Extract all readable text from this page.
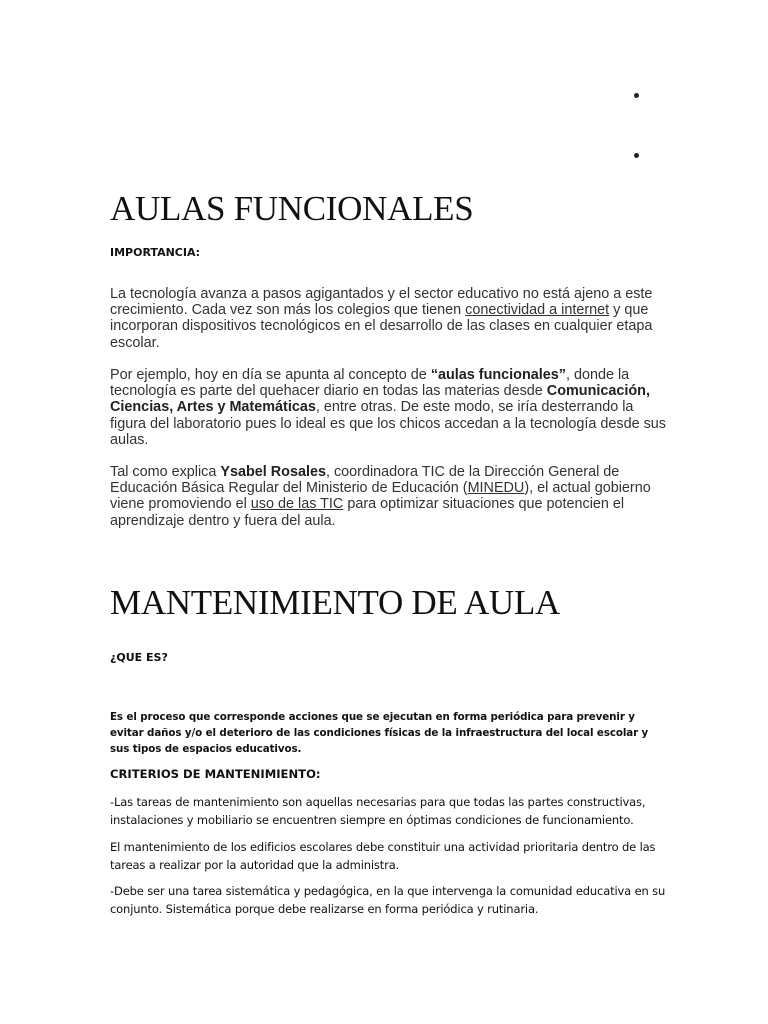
AULAS FUNCIONALES
IMPORTANCIA:

La tecnología avanza a pasos agigantados y el sector educativo no está ajeno a este crecimiento. Cada vez son más los colegios que tienen conectividad a internet y que incorporan dispositivos tecnológicos en el desarrollo de las clases en cualquier etapa escolar.

Por ejemplo, hoy en día se apunta al concepto de “aulas funcionales”, donde la tecnología es parte del quehacer diario en todas las materias desde Comunicación, Ciencias, Artes y Matemáticas, entre otras. De este modo, se iría desterrando la figura del laboratorio pues lo ideal es que los chicos accedan a la tecnología desde sus aulas.

Tal como explica Ysabel Rosales, coordinadora TIC de la Dirección General de Educación Básica Regular del Ministerio de Educación (MINEDU), el actual gobierno viene promoviendo el uso de las TIC para optimizar situaciones que potencien el aprendizaje dentro y fuera del aula.

MANTENIMIENTO DE AULA
¿QUE ES?

Es el proceso que corresponde acciones que se ejecutan en forma periódica para prevenir y evitar daños y/o el deterioro de las condiciones físicas de la infraestructura del local escolar y sus tipos de espacios educativos.

CRITERIOS DE MANTENIMIENTO:

-Las tareas de mantenimiento son aquellas necesarias para que todas las partes constructivas, instalaciones y mobiliario se encuentren siempre en óptimas condiciones de funcionamiento.

El mantenimiento de los edificios escolares debe constituir una actividad prioritaria dentro de las tareas a realizar por la autoridad que la administra.

-Debe ser una tarea sistemática y pedagógica, en la que intervenga la comunidad educativa en su conjunto. Sistemática porque debe realizarse en forma periódica y rutinaria.
